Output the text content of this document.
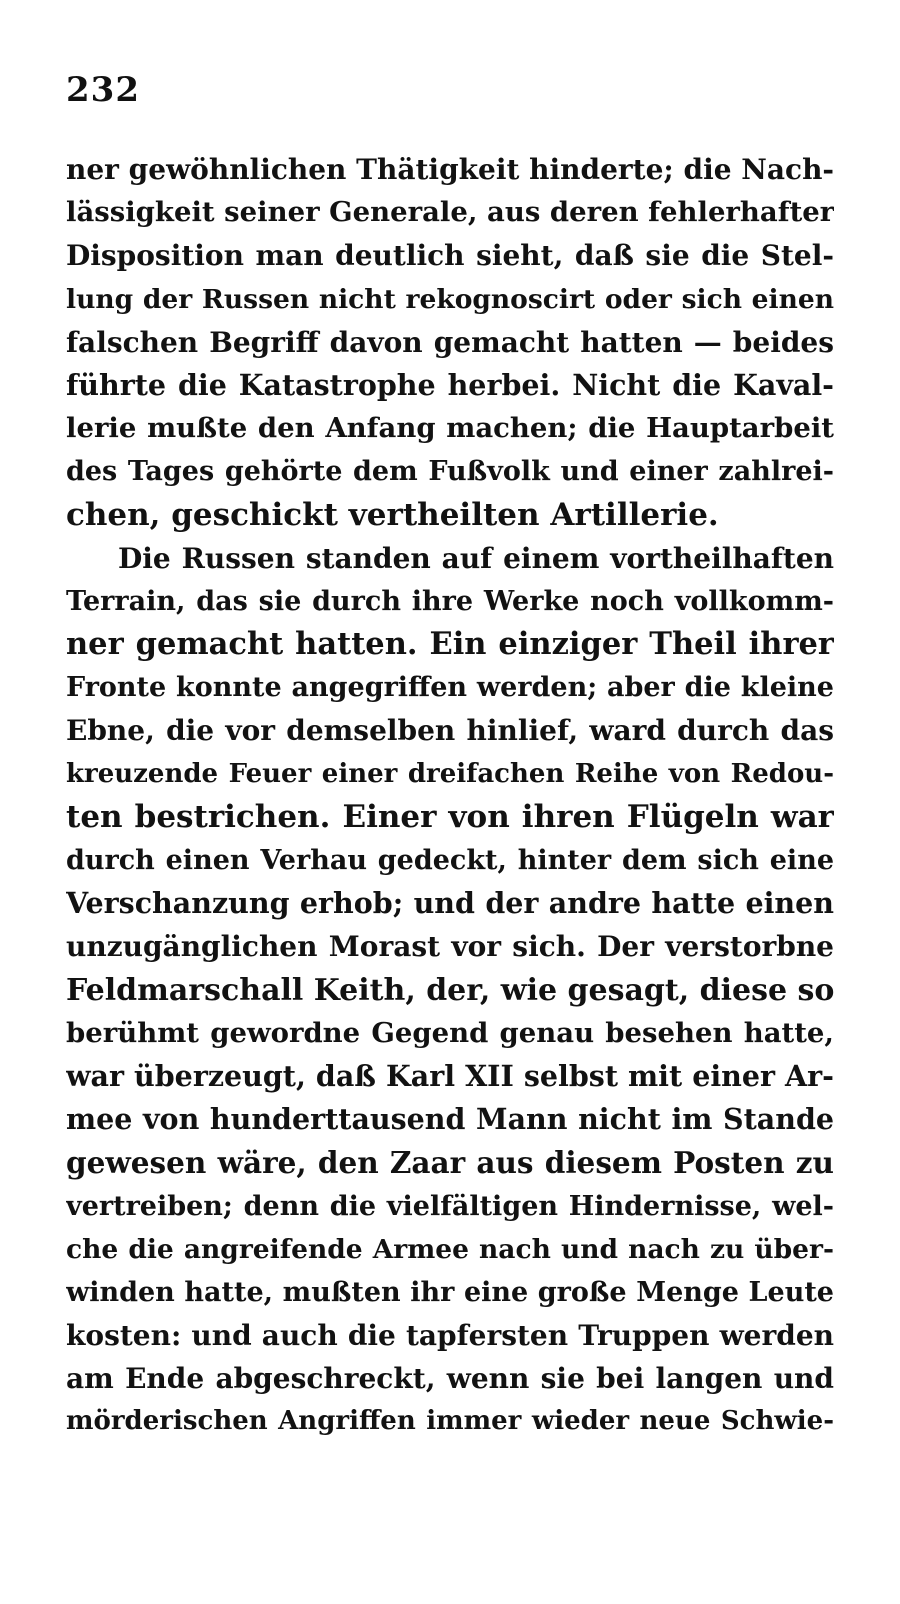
232
ner gewöhnlichen Thätigkeit hinderte; die Nach-
lässigkeit seiner Generale, aus deren fehlerhafter
Disposition man deutlich sieht, daß sie die Stel-
lung der Russen nicht rekognoscirt oder sich einen
falschen Begriff davon gemacht hatten — beides
führte die Katastrophe herbei. Nicht die Kaval-
lerie mußte den Anfang machen; die Hauptarbeit
des Tages gehörte dem Fußvolk und einer zahlrei-
chen, geschickt vertheilten Artillerie.
Die Russen standen auf einem vortheilhaften
Terrain, das sie durch ihre Werke noch vollkomm-
ner gemacht hatten. Ein einziger Theil ihrer
Fronte konnte angegriffen werden; aber die kleine
Ebne, die vor demselben hinlief, ward durch das
kreuzende Feuer einer dreifachen Reihe von Redou-
ten bestrichen. Einer von ihren Flügeln war
durch einen Verhau gedeckt, hinter dem sich eine
Verschanzung erhob; und der andre hatte einen
unzugänglichen Morast vor sich. Der verstorbne
Feldmarschall Keith, der, wie gesagt, diese so
berühmt gewordne Gegend genau besehen hatte,
war überzeugt, daß Karl XII selbst mit einer Ar-
mee von hunderttausend Mann nicht im Stande
gewesen wäre, den Zaar aus diesem Posten zu
vertreiben; denn die vielfältigen Hindernisse, wel-
che die angreifende Armee nach und nach zu über-
winden hatte, mußten ihr eine große Menge Leute
kosten: und auch die tapfersten Truppen werden
am Ende abgeschreckt, wenn sie bei langen und
mörderischen Angriffen immer wieder neue Schwie-
